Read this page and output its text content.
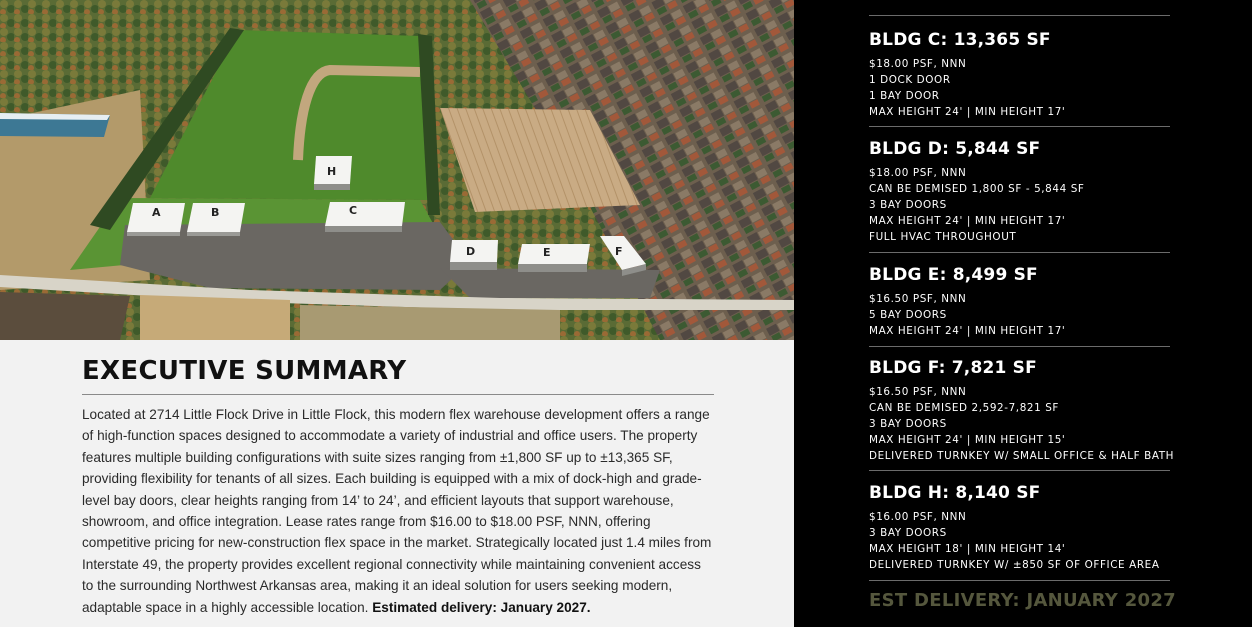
A	B	C
H
D	E	F
EXECUTIVE SUMMARY

Located at 2714 Little Flock Drive in Little Flock, this modern flex warehouse development offers a range of high-function spaces designed to accommodate a variety of industrial and office users. The property features multiple building configurations with suite sizes ranging from ±1,800 SF up to ±13,365 SF, providing flexibility for tenants of all sizes. Each building is equipped with a mix of dock-high and grade-level bay doors, clear heights ranging from 14’ to 24’, and efficient layouts that support warehouse, showroom, and office integration. Lease rates range from $16.00 to $18.00 PSF, NNN, offering competitive pricing for new-construction flex space in the market. Strategically located just 1.4 miles from Interstate 49, the property provides excellent regional connectivity while maintaining convenient access to the surrounding Northwest Arkansas area, making it an ideal solution for users seeking modern, adaptable space in a highly accessible location. Estimated delivery: January 2027.

BLDG C: 13,365 SF
$18.00 PSF, NNN
1 DOCK DOOR
1 BAY DOOR
MAX HEIGHT 24' | MIN HEIGHT 17'
BLDG D: 5,844 SF
$18.00 PSF, NNN
CAN BE DEMISED 1,800 SF - 5,844 SF
3 BAY DOORS
MAX HEIGHT 24' | MIN HEIGHT 17'
FULL HVAC THROUGHOUT
BLDG E: 8,499 SF
$16.50 PSF, NNN
5 BAY DOORS
MAX HEIGHT 24' | MIN HEIGHT 17'
BLDG F: 7,821 SF
$16.50 PSF, NNN
CAN BE DEMISED 2,592-7,821 SF
3 BAY DOORS
MAX HEIGHT 24' | MIN HEIGHT 15'
DELIVERED TURNKEY W/ SMALL OFFICE & HALF BATH
BLDG H: 8,140 SF
$16.00 PSF, NNN
3 BAY DOORS
MAX HEIGHT 18' | MIN HEIGHT 14'
DELIVERED TURNKEY W/ ±850 SF OF OFFICE AREA
EST DELIVERY: JANUARY 2027
